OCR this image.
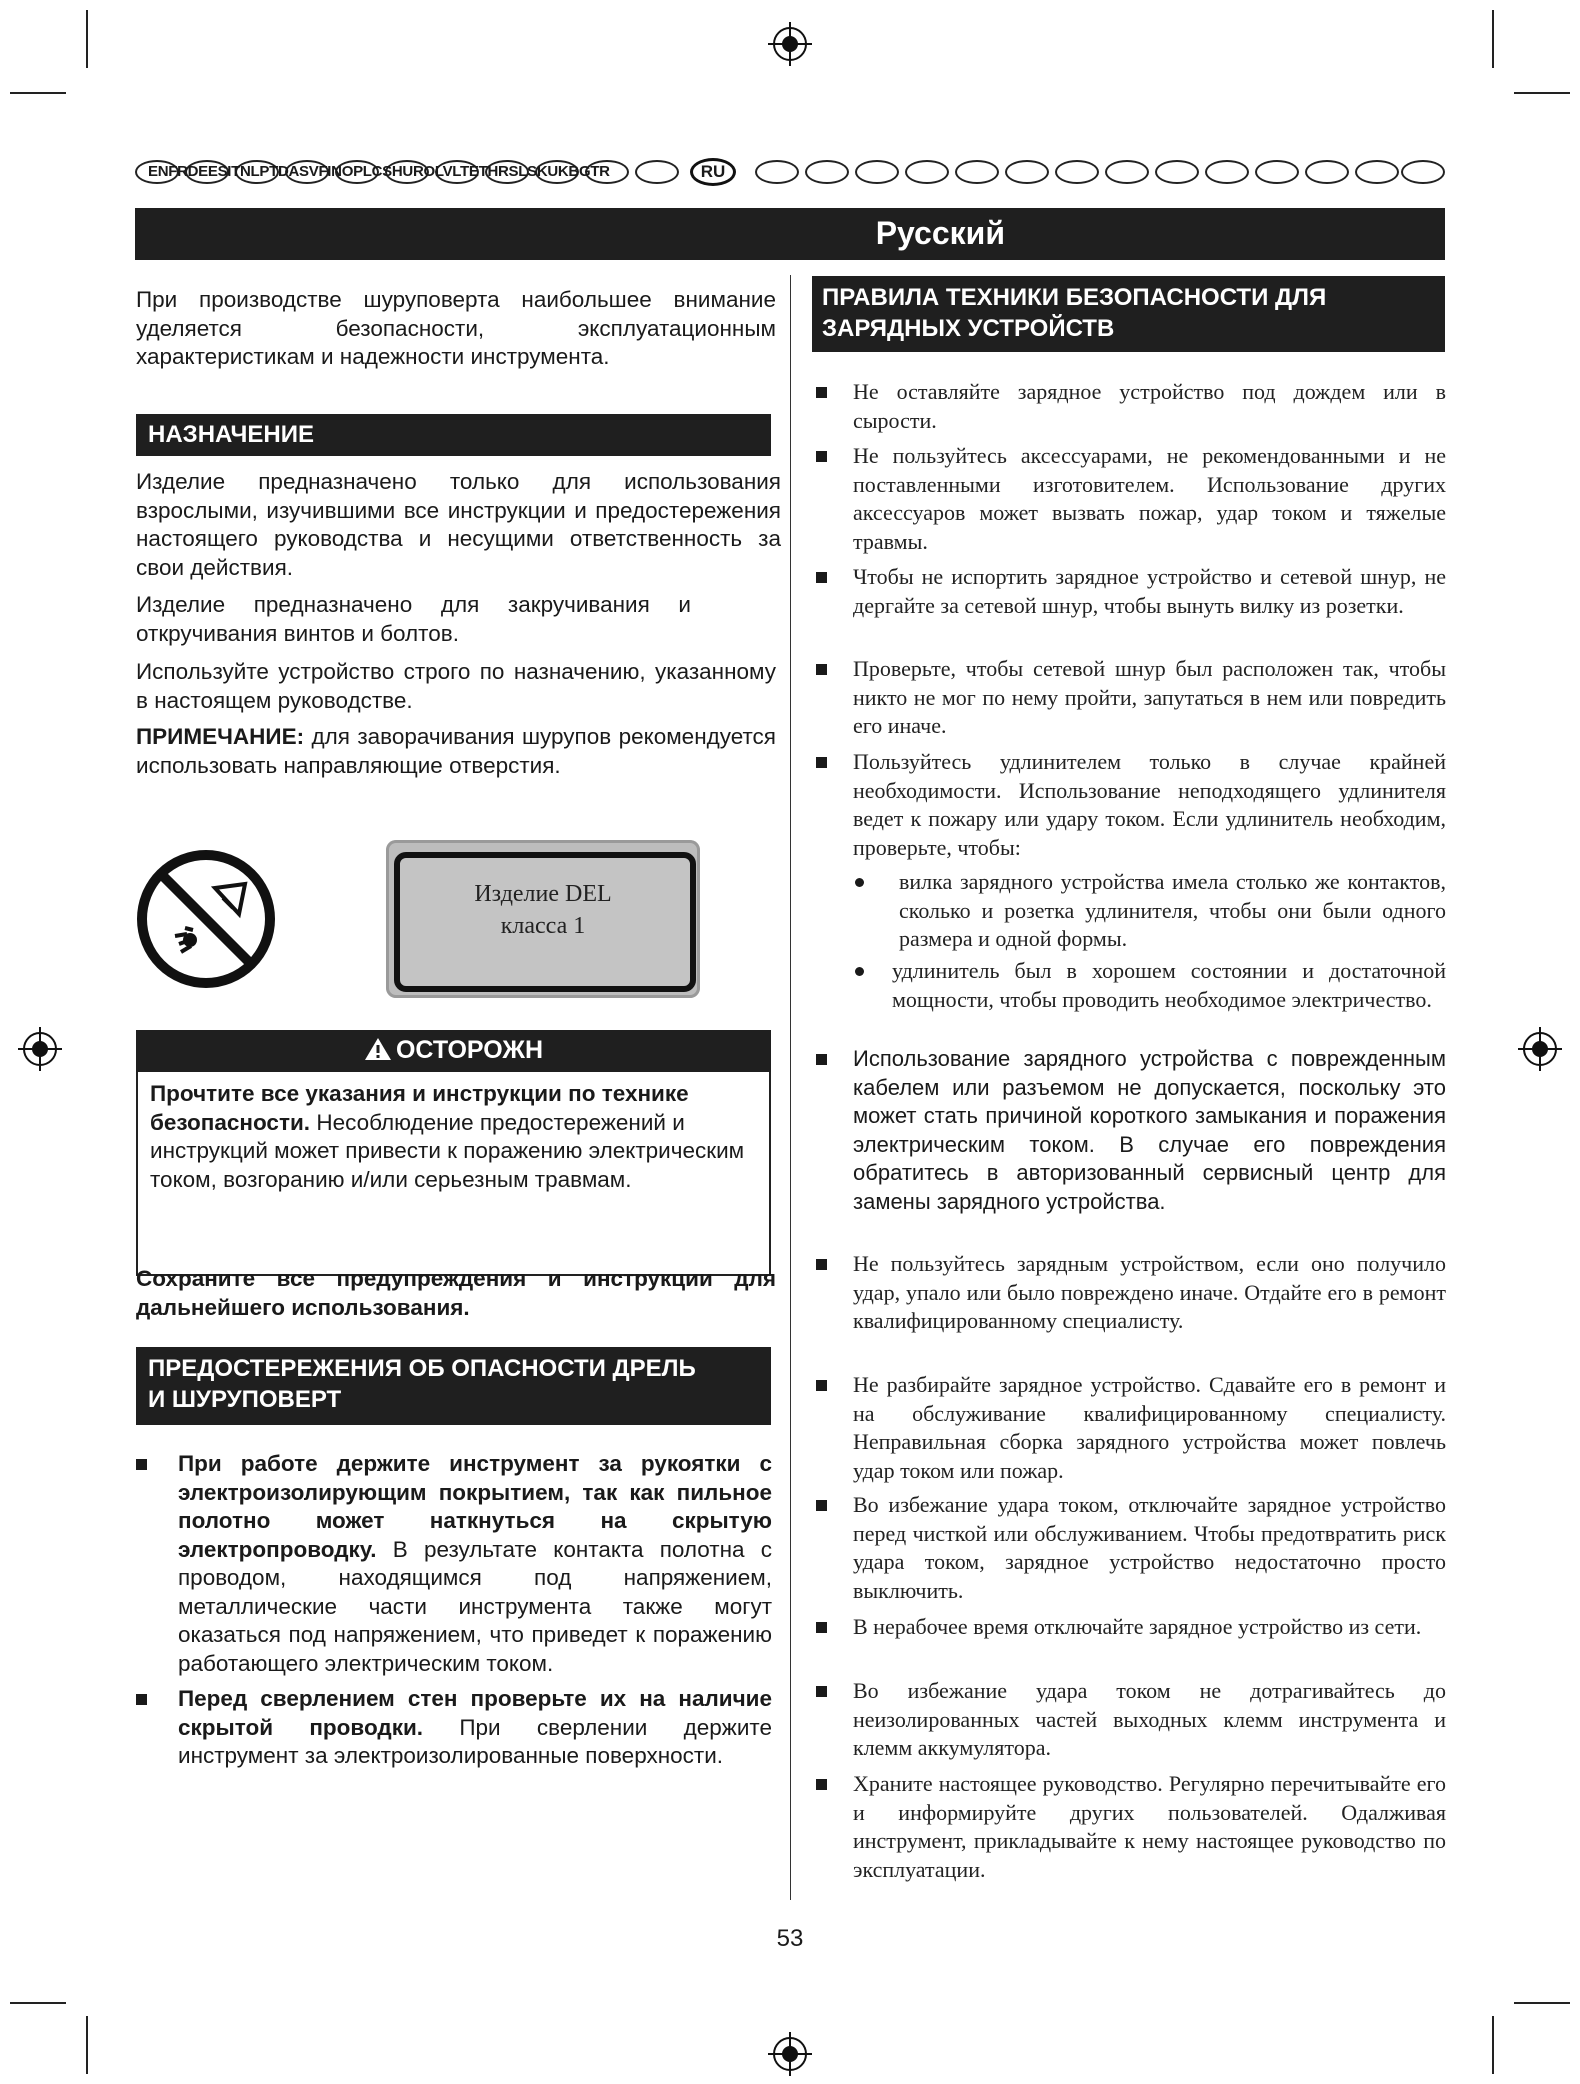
ENFRDEESITNLPTDASVFINOPLCSHUROLVLTETHRSLSKUKBGTR	RU
Русский
При производстве шуруповерта наибольшее внимание уделяется безопасности, эксплуатационным характеристикам и надежности инструмента.
НАЗНАЧЕНИЕ
Изделие предназначено только для использования взрослыми, изучившими все инструкции и предостережения настоящего руководства и несущими ответственность за свои действия.
Изделие предназначено для закручивания и откручивания винтов и болтов.
Используйте устройство строго по назначению, указанному в настоящем руководстве.
ПРИМЕЧАНИЕ: для заворачивания шурупов рекомендуется использовать направляющие отверстия.
Изделие DEL
класса 1
ОСТОРОЖН
Прочтите все указания и инструкции по технике безопасности. Несоблюдение предостережений и инструкций может привести к поражению электрическим током, возгоранию и/или серьезным травмам.
Сохраните все предупреждения и инструкции для дальнейшего использования.
ПРЕДОСТЕРЕЖЕНИЯ ОБ ОПАСНОСТИ ДРЕЛЬ
И ШУРУПОВЕРТ
При работе держите инструмент за рукоятки с электроизолирующим покрытием, так как пильное полотно может наткнуться на скрытую электропроводку. В результате контакта полотна с проводом, находящимся под напряжением, металлические части инструмента также могут оказаться под напряжением, что приведет к поражению работающего электрическим током.
Перед сверлением стен проверьте их на наличие скрытой проводки. При сверлении держите инструмент за электроизолированные поверхности.
ПРАВИЛА ТЕХНИКИ БЕЗОПАСНОСТИ ДЛЯ
ЗАРЯДНЫХ УСТРОЙСТВ
Не оставляйте зарядное устройство под дождем или в сырости.
Не пользуйтесь аксессуарами, не рекомендованными и не поставленными изготовителем. Использование других аксессуаров может вызвать пожар, удар током и тяжелые травмы.
Чтобы не испортить зарядное устройство и сетевой шнур, не дергайте за сетевой шнур, чтобы вынуть вилку из розетки.
Проверьте, чтобы сетевой шнур был расположен так, чтобы никто не мог по нему пройти, запутаться в нем или повредить его иначе.
Пользуйтесь удлинителем только в случае крайней необходимости. Использование неподходящего удлинителя ведет к пожару или удару током. Если удлинитель необходим, проверьте, чтобы:
вилка зарядного устройства имела столько же контактов, сколько и розетка удлинителя, чтобы они были одного размера и одной формы.
удлинитель был в хорошем состоянии и достаточной мощности, чтобы проводить необходимое электричество.
Использование зарядного устройства с поврежденным кабелем или разъемом не допускается, поскольку это может стать причиной короткого замыкания и поражения электрическим током. В случае его повреждения обратитесь в авторизованный сервисный центр для замены зарядного устройства.
Не пользуйтесь зарядным устройством, если оно получило удар, упало или было повреждено иначе. Отдайте его в ремонт квалифицированному специалисту.
Не разбирайте зарядное устройство. Сдавайте его в ремонт и на обслуживание квалифицированному специалисту. Неправильная сборка зарядного устройства может повлечь удар током или пожар.
Во избежание удара током, отключайте зарядное устройство перед чисткой или обслуживанием. Чтобы предотвратить риск удара током, зарядное устройство недостаточно просто выключить.
В нерабочее время отключайте зарядное устройство из сети.
Во избежание удара током не дотрагивайтесь до неизолированных частей выходных клемм инструмента и клемм аккумулятора.
Храните настоящее руководство. Регулярно перечитывайте его и информируйте других пользователей. Одалживая инструмент, прикладывайте к нему настоящее руководство по эксплуатации.
53
